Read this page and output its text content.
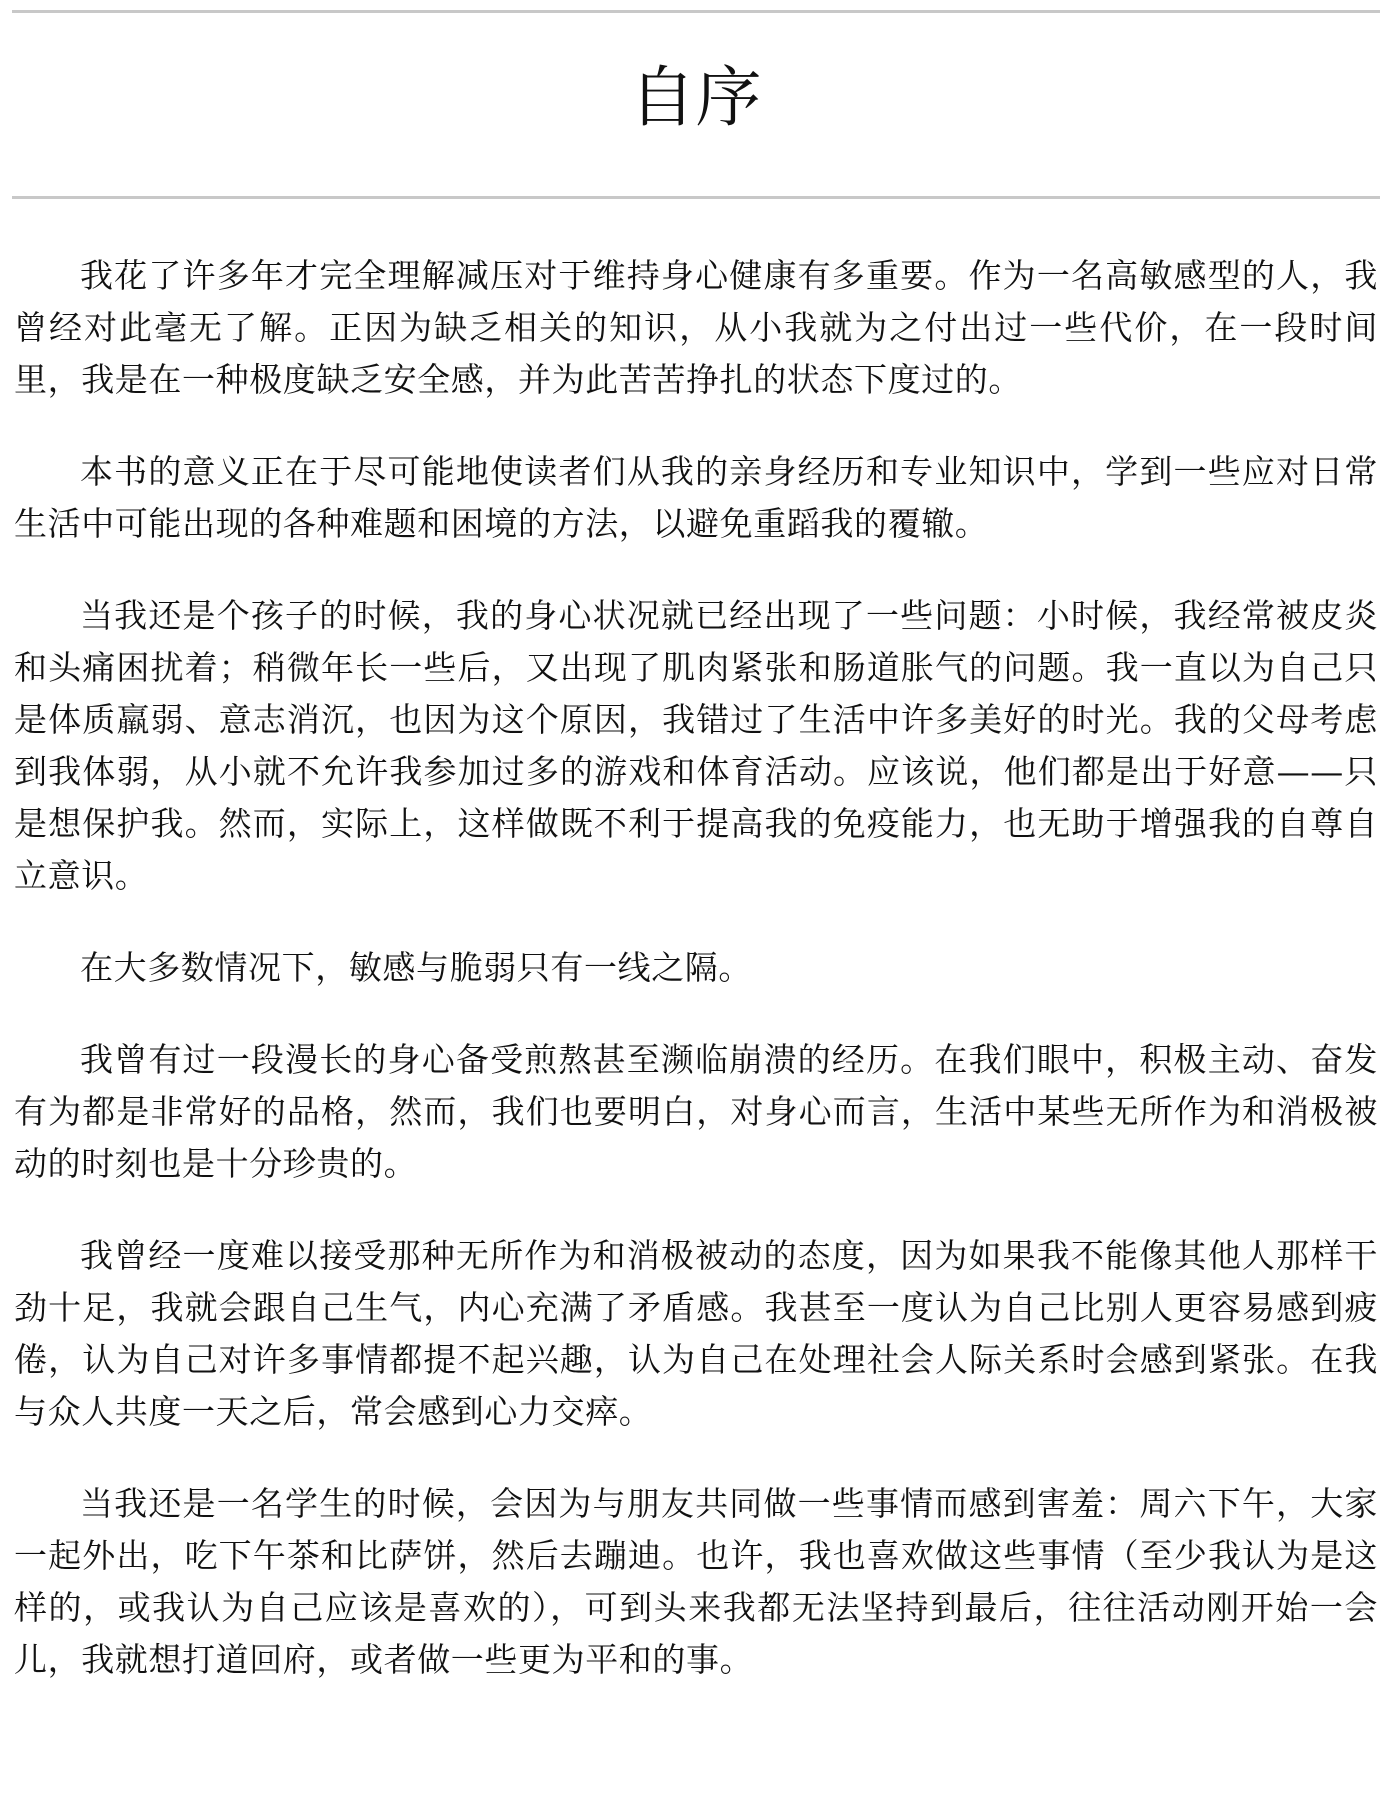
自序

我花了许多年才完全理解减压对于维持身心健康有多重要。作为一名高敏感型的人，我曾经对此毫无了解。正因为缺乏相关的知识，从小我就为之付出过一些代价，在一段时间里，我是在一种极度缺乏安全感，并为此苦苦挣扎的状态下度过的。

本书的意义正在于尽可能地使读者们从我的亲身经历和专业知识中，学到一些应对日常生活中可能出现的各种难题和困境的方法，以避免重蹈我的覆辙。

当我还是个孩子的时候，我的身心状况就已经出现了一些问题：小时候，我经常被皮炎和头痛困扰着；稍微年长一些后，又出现了肌肉紧张和肠道胀气的问题。我一直以为自己只是体质羸弱、意志消沉，也因为这个原因，我错过了生活中许多美好的时光。我的父母考虑到我体弱，从小就不允许我参加过多的游戏和体育活动。应该说，他们都是出于好意——只是想保护我。然而，实际上，这样做既不利于提高我的免疫能力，也无助于增强我的自尊自立意识。

在大多数情况下，敏感与脆弱只有一线之隔。

我曾有过一段漫长的身心备受煎熬甚至濒临崩溃的经历。在我们眼中，积极主动、奋发有为都是非常好的品格，然而，我们也要明白，对身心而言，生活中某些无所作为和消极被动的时刻也是十分珍贵的。

我曾经一度难以接受那种无所作为和消极被动的态度，因为如果我不能像其他人那样干劲十足，我就会跟自己生气，内心充满了矛盾感。我甚至一度认为自己比别人更容易感到疲倦，认为自己对许多事情都提不起兴趣，认为自己在处理社会人际关系时会感到紧张。在我与众人共度一天之后，常会感到心力交瘁。

当我还是一名学生的时候，会因为与朋友共同做一些事情而感到害羞：周六下午，大家一起外出，吃下午茶和比萨饼，然后去蹦迪。也许，我也喜欢做这些事情（至少我认为是这样的，或我认为自己应该是喜欢的），可到头来我都无法坚持到最后，往往活动刚开始一会儿，我就想打道回府，或者做一些更为平和的事。
